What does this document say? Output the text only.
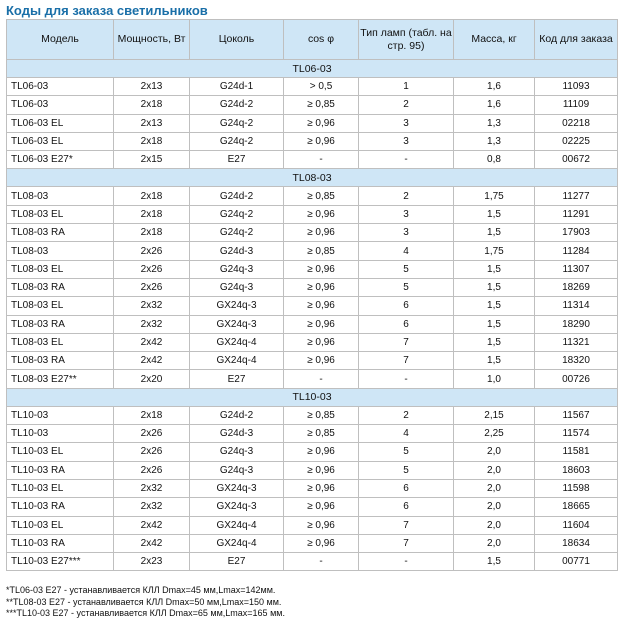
Коды для заказа светильников
Модель	Мощность, Вт	Цоколь	cos φ	Тип ламп (табл. на стр. 95)	Масса, кг	Код для заказа
TL06-03						
TL06-03	2x13	G24d-1	> 0,5	1	1,6	11093
TL06-03	2x18	G24d-2	≥ 0,85	2	1,6	11109
TL06-03 EL	2x13	G24q-2	≥ 0,96	3	1,3	02218
TL06-03 EL	2x18	G24q-2	≥ 0,96	3	1,3	02225
TL06-03 E27*	2x15	E27	-	-	0,8	00672
TL08-03						
TL08-03	2x18	G24d-2	≥ 0,85	2	1,75	11277
TL08-03 EL	2x18	G24q-2	≥ 0,96	3	1,5	11291
TL08-03 RA	2x18	G24q-2	≥ 0,96	3	1,5	17903
TL08-03	2x26	G24d-3	≥ 0,85	4	1,75	11284
TL08-03 EL	2x26	G24q-3	≥ 0,96	5	1,5	11307
TL08-03 RA	2x26	G24q-3	≥ 0,96	5	1,5	18269
TL08-03 EL	2x32	GX24q-3	≥ 0,96	6	1,5	11314
TL08-03 RA	2x32	GX24q-3	≥ 0,96	6	1,5	18290
TL08-03 EL	2x42	GX24q-4	≥ 0,96	7	1,5	11321
TL08-03 RA	2x42	GX24q-4	≥ 0,96	7	1,5	18320
TL08-03 E27**	2x20	E27	-	-	1,0	00726
TL10-03						
TL10-03	2x18	G24d-2	≥ 0,85	2	2,15	11567
TL10-03	2x26	G24d-3	≥ 0,85	4	2,25	11574
TL10-03 EL	2x26	G24q-3	≥ 0,96	5	2,0	11581
TL10-03 RA	2x26	G24q-3	≥ 0,96	5	2,0	18603
TL10-03 EL	2x32	GX24q-3	≥ 0,96	6	2,0	11598
TL10-03 RA	2x32	GX24q-3	≥ 0,96	6	2,0	18665
TL10-03 EL	2x42	GX24q-4	≥ 0,96	7	2,0	11604
TL10-03 RA	2x42	GX24q-4	≥ 0,96	7	2,0	18634
TL10-03 E27***	2x23	E27	-	-	1,5	00771
*TL06-03 E27 - устанавливается КЛЛ Dmax=45 мм,Lmax=142мм.
**TL08-03 E27 - устанавливается КЛЛ Dmax=50 мм,Lmax=150 мм.
***TL10-03 E27 - устанавливается КЛЛ Dmax=65 мм,Lmax=165 мм.
